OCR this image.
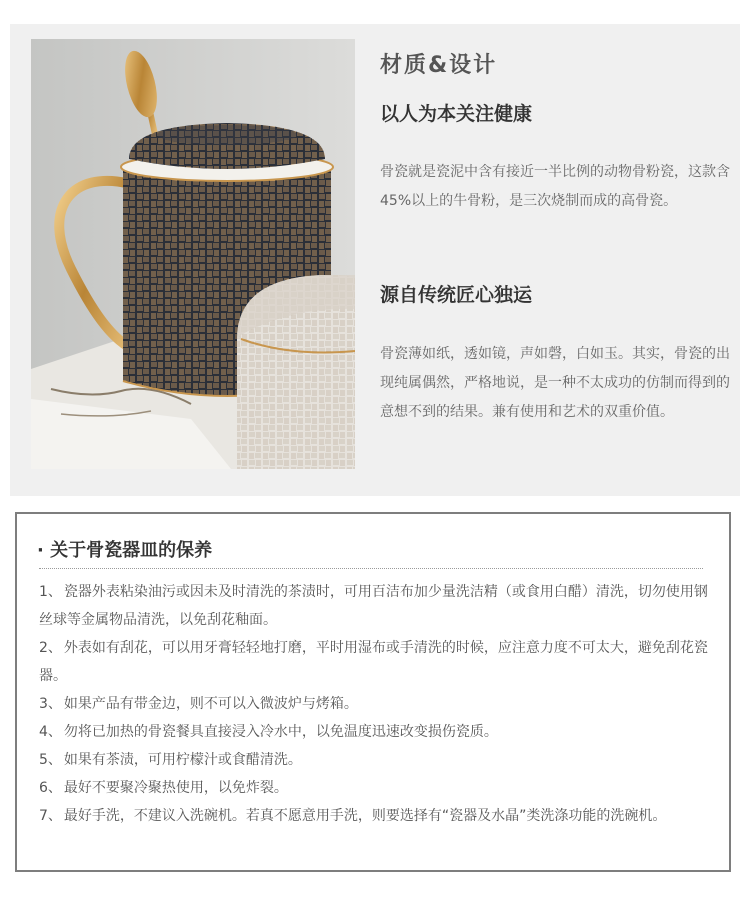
材质&设计
以人为本关注健康

骨瓷就是瓷泥中含有接近一半比例的动物骨粉瓷，这款含45%以上的牛骨粉，是三次烧制而成的高骨瓷。

源自传统匠心独运

骨瓷薄如纸，透如镜，声如磬，白如玉。其实，骨瓷的出现纯属偶然，严格地说，是一种不太成功的仿制而得到的意想不到的结果。兼有使用和艺术的双重价值。

· 关于骨瓷器皿的保养
1、 瓷器外表粘染油污或因未及时清洗的茶渍时，可用百洁布加少量洗洁精（或食用白醋）清洗，切勿使用钢丝球等金属物品清洗，以免刮花釉面。
2、 外表如有刮花，可以用牙膏轻轻地打磨，平时用湿布或手清洗的时候，应注意力度不可太大，避免刮花瓷器。
3、 如果产品有带金边，则不可以入微波炉与烤箱。
4、 勿将已加热的骨瓷餐具直接浸入冷水中，以免温度迅速改变损伤瓷质。
5、 如果有茶渍，可用柠檬汁或食醋清洗。
6、 最好不要聚冷聚热使用，以免炸裂。
7、 最好手洗，不建议入洗碗机。若真不愿意用手洗，则要选择有“瓷器及水晶”类洗涤功能的洗碗机。
